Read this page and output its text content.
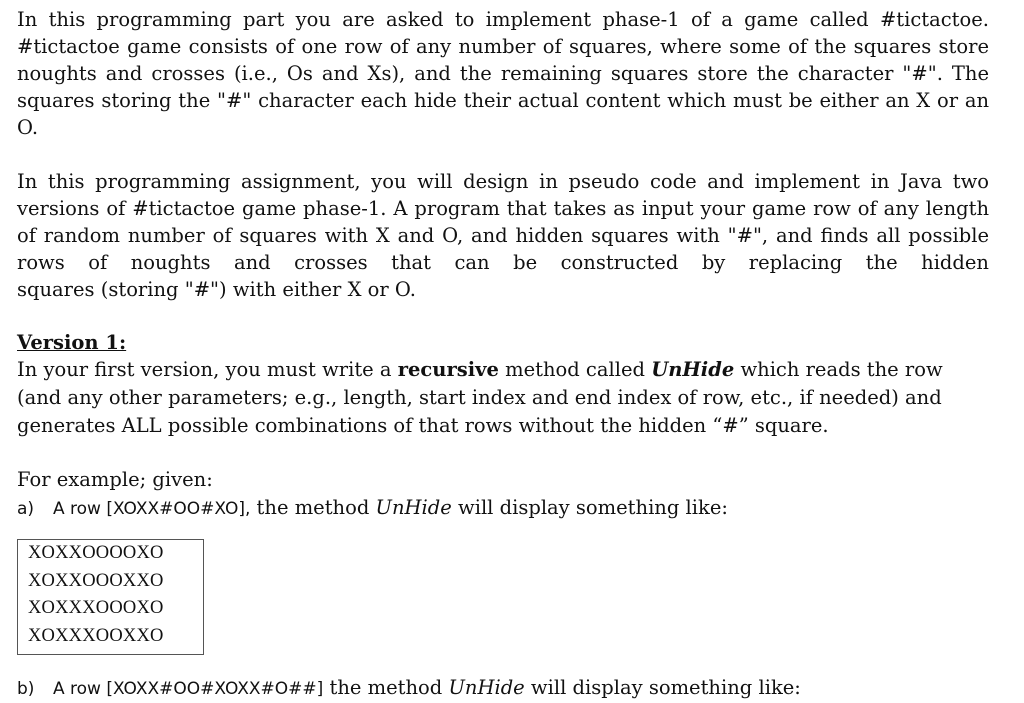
In this programming part you are asked to implement phase-1 of a game called #tictactoe. #tictactoe game consists of one row of any number of squares, where some of the squares store noughts and crosses (i.e., Os and Xs), and the remaining squares store the character "#". The squares storing the "#" character each hide their actual content which must be either an X or an O.
In this programming assignment, you will design in pseudo code and implement in Java two versions of #tictactoe game phase-1. A program that takes as input your game row of any length of random number of squares with X and O, and hidden squares with "#", and finds all possible rows of noughts and crosses that can be constructed by replacing the hidden
squares (storing "#") with either X or O.
Version 1:

In your first version, you must write a recursive method called UnHide which reads the row (and any other parameters; e.g., length, start index and end index of row, etc., if needed) and generates ALL possible combinations of that rows without the hidden “#” square.

For example; given:
a) A row [XOXX#OO#XO], the method UnHide will display something like:
XOXXOOOOXO
XOXXOOOXXO
XOXXXOOOXO
XOXXXOOXXO
b) A row [XOXX#OO#XOXX#O##] the method UnHide will display something like:
